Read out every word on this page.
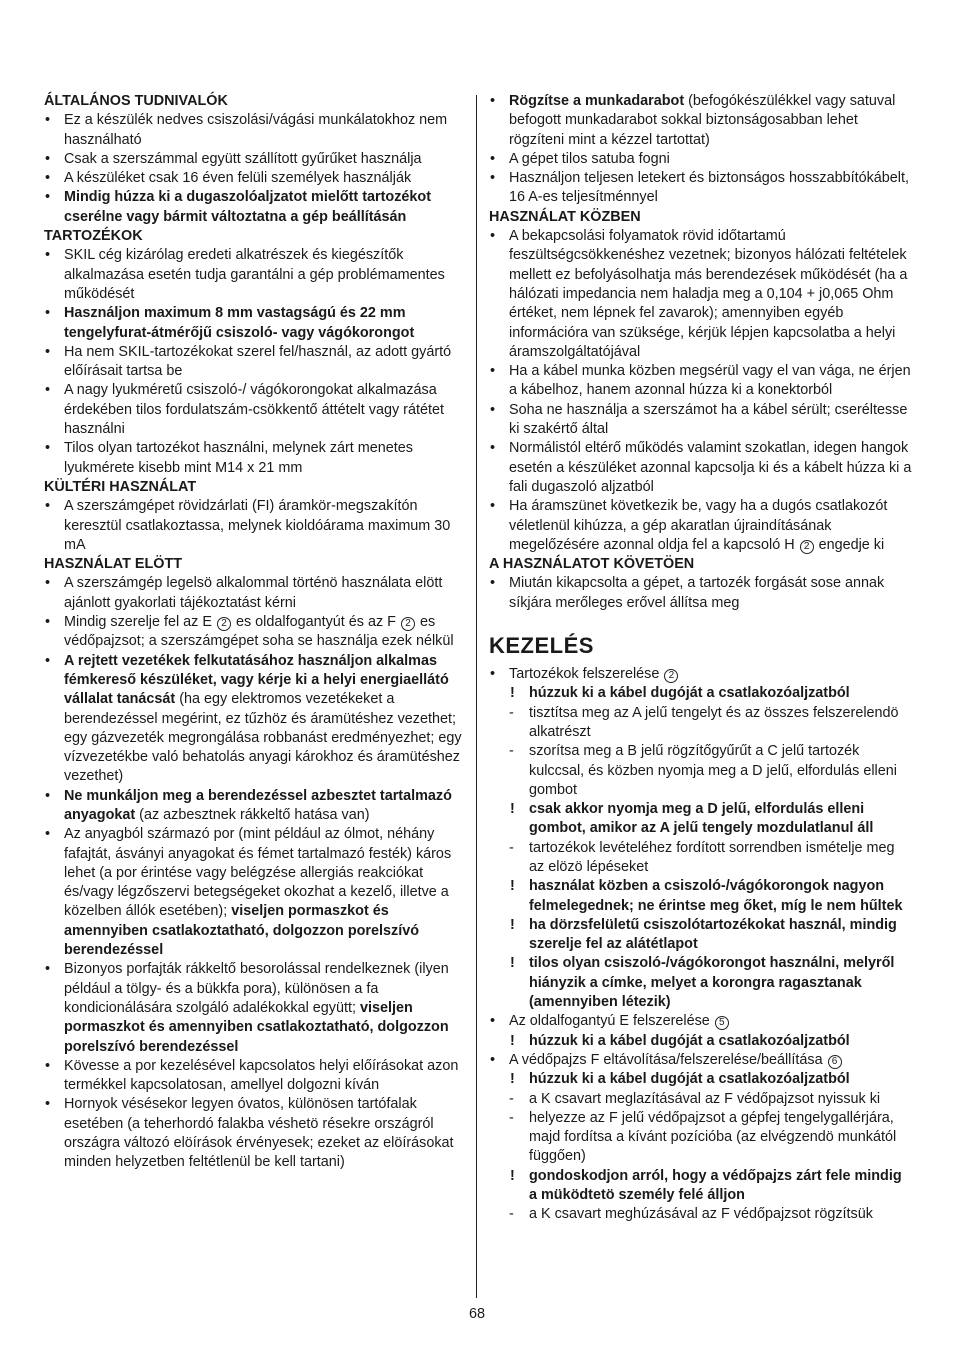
ÁLTALÁNOS TUDNIVALÓK
• Ez a készülék nedves csiszolási/vágási munkálatokhoz nem használható
• Csak a szerszámmal együtt szállított gyűrűket használja
• A készüléket csak 16 éven felüli személyek használják
• Mindig húzza ki a dugaszolóaljzatot mielőtt tartozékot cserélne vagy bármit változtatna a gép beállításán
TARTOZÉKOK
• SKIL cég kizárólag eredeti alkatrészek és kiegészítők alkalmazása esetén tudja garantálni a gép problémamentes működését
• Használjon maximum 8 mm vastagságú és 22 mm tengelyfurat-átmérőjű csiszoló- vagy vágókorongot
• Ha nem SKIL-tartozékokat szerel fel/használ, az adott gyártó előírásait tartsa be
• A nagy lyukméretű csiszoló-/ vágókorongokat alkalmazása érdekében tilos fordulatszám-csökkentő áttételt vagy rátétet használni
• Tilos olyan tartozékot használni, melynek zárt menetes lyukmérete kisebb mint M14 x 21 mm
KÜLTÉRI HASZNÁLAT
• A szerszámgépet rövidzárlati (FI) áramkör-megszakítón keresztül csatlakoztassa, melynek kioldóárama maximum 30 mA
HASZNÁLAT ELÖTT
• A szerszámgép legelsö alkalommal történö használata elött ajánlott gyakorlati tájékoztatást kérni
• Mindig szerelje fel az E 2 es oldalfogantyút és az F 2 es védőpajzsot; a szerszámgépet soha se használja ezek nélkül
• A rejtett vezetékek felkutatásához használjon alkalmas fémkereső készüléket, vagy kérje ki a helyi energiaellátó vállalat tanácsát (ha egy elektromos vezetékeket a berendezéssel megérint, ez tűzhöz és áramütéshez vezethet; egy gázvezeték megrongálása robbanást eredményezhet; egy vízvezetékbe való behatolás anyagi károkhoz és áramütéshez vezethet)
• Ne munkáljon meg a berendezéssel azbesztet tartalmazó anyagokat (az azbesztnek rákkeltő hatása van)
• Az anyagból származó por (mint például az ólmot, néhány fafajtát, ásványi anyagokat és fémet tartalmazó festék) káros lehet (a por érintése vagy belégzése allergiás reakciókat és/vagy légzőszervi betegségeket okozhat a kezelő, illetve a közelben állók esetében); viseljen pormaszkot és amennyiben csatlakoztatható, dolgozzon porelszívó berendezéssel
• Bizonyos porfajták rákkeltő besorolással rendelkeznek (ilyen például a tölgy- és a bükkfa pora), különösen a fa kondicionálására szolgáló adalékokkal együtt; viseljen pormaszkot és amennyiben csatlakoztatható, dolgozzon porelszívó berendezéssel
• Kövesse a por kezelésével kapcsolatos helyi előírásokat azon termékkel kapcsolatosan, amellyel dolgozni kíván
• Hornyok vésésekor legyen óvatos, különösen tartófalak esetében (a teherhordó falakba véshetö résekre országról országra változó elöírások érvényesek; ezeket az elöírásokat minden helyzetben feltétlenül be kell tartani)
• Rögzítse a munkadarabot (befogókészülékkel vagy satuval befogott munkadarabot sokkal biztonságosabban lehet rögzíteni mint a kézzel tartottat)
• A gépet tilos satuba fogni
• Használjon teljesen letekert és biztonságos hosszabbítókábelt, 16 A-es teljesítménnyel
HASZNÁLAT KÖZBEN
• A bekapcsolási folyamatok rövid időtartamú feszültségcsökkenéshez vezetnek; bizonyos hálózati feltételek mellett ez befolyásolhatja más berendezések működését (ha a hálózati impedancia nem haladja meg a 0,104 + j0,065 Ohm értéket, nem lépnek fel zavarok); amennyiben egyéb információra van szüksége, kérjük lépjen kapcsolatba a helyi áramszolgáltatójával
• Ha a kábel munka közben megsérül vagy el van vága, ne érjen a kábelhoz, hanem azonnal húzza ki a konektorból
• Soha ne használja a szerszámot ha a kábel sérült; cseréltesse ki szakértő által
• Normálistól eltérő működés valamint szokatlan, idegen hangok esetén a készüléket azonnal kapcsolja ki és a kábelt húzza ki a fali dugaszoló aljzatból
• Ha áramszünet következik be, vagy ha a dugós csatlakozót véletlenül kihúzza, a gép akaratlan újraindításának megelőzésére azonnal oldja fel a kapcsoló H 2 engedje ki
A HASZNÁLATOT KÖVETÖEN
• Miután kikapcsolta a gépet, a tartozék forgását sose annak síkjára merőleges erővel állítsa meg
KEZELÉS
• Tartozékok felszerelése 2
! húzzuk ki a kábel dugóját a csatlakozóaljzatból
- tisztítsa meg az A jelű tengelyt és az összes felszerelendö alkatrészt
- szorítsa meg a B jelű rögzítőgyűrűt a C jelű tartozék kulccsal, és közben nyomja meg a D jelű, elfordulás elleni gombot
! csak akkor nyomja meg a D jelű, elfordulás elleni gombot, amikor az A jelű tengely mozdulatlanul áll
- tartozékok levételéhez fordított sorrendben ismételje meg az elözö lépéseket
! használat közben a csiszoló-/vágókorongok nagyon felmelegednek; ne érintse meg őket, míg le nem hűltek
! ha dörzsfelületű csiszolótartozékokat használ, mindig szerelje fel az alátétlapot
! tilos olyan csiszoló-/vágókorongot használni, melyről hiányzik a címke, melyet a korongra ragasztanak (amennyiben létezik)
• Az oldalfogantyú E felszerelése 5
! húzzuk ki a kábel dugóját a csatlakozóaljzatból
• A védőpajzs F eltávolítása/felszerelése/beállítása 6
! húzzuk ki a kábel dugóját a csatlakozóaljzatból
- a K csavart meglazításával az F védőpajzsot nyissuk ki
- helyezze az F jelű védőpajzsot a gépfej tengelygallérjára, majd fordítsa a kívánt pozícióba (az elvégzendö munkától függően)
! gondoskodjon arról, hogy a védőpajzs zárt fele mindig a müködtetö személy felé álljon
- a K csavart meghúzásával az F védőpajzsot rögzítsük
68
